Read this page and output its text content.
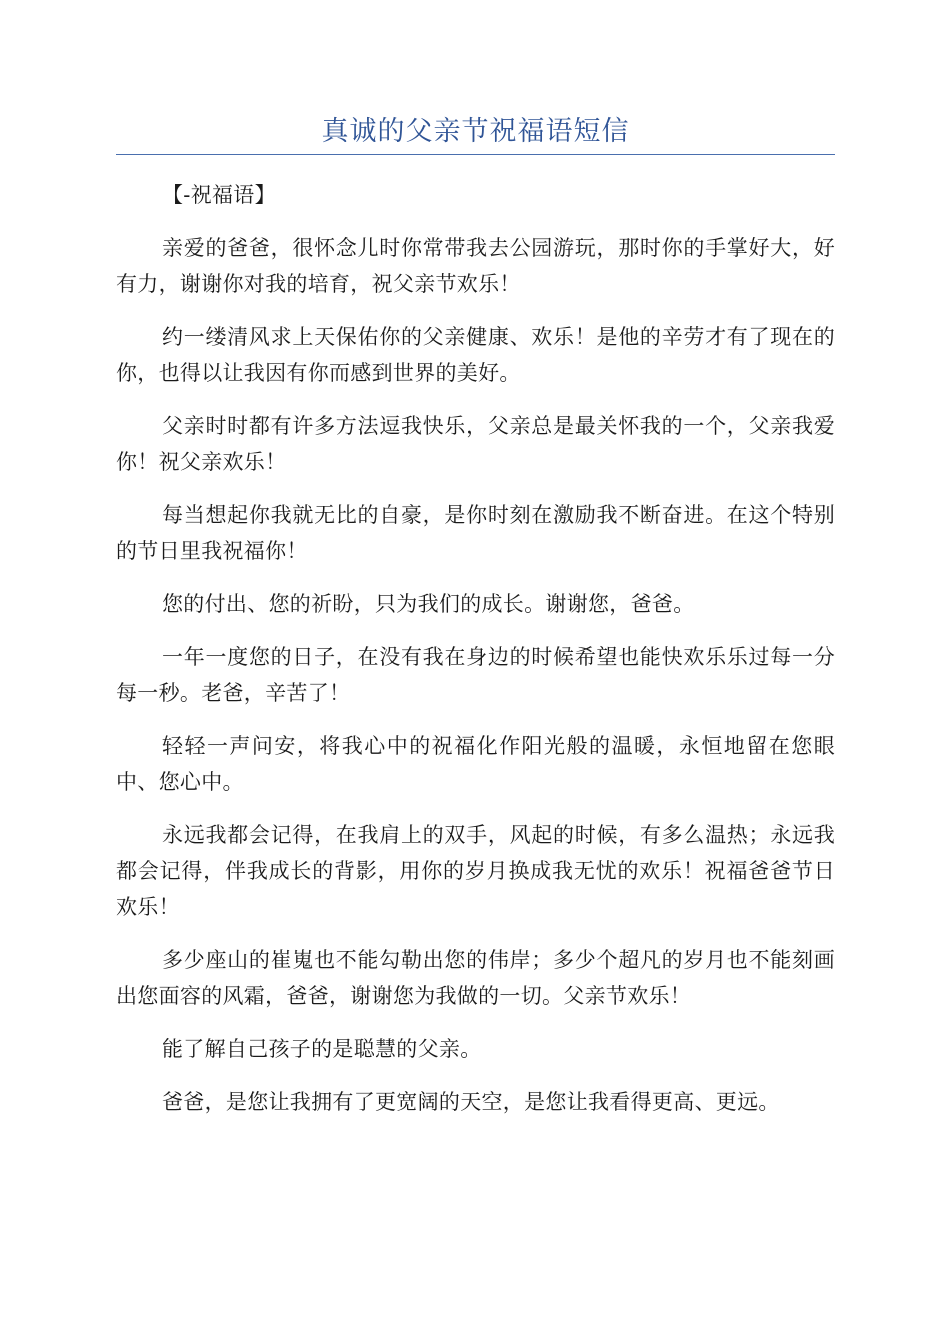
真诚的父亲节祝福语短信

【-祝福语】

亲爱的爸爸，很怀念儿时你常带我去公园游玩，那时你的手掌好大，好有力，谢谢你对我的培育，祝父亲节欢乐！

约一缕清风求上天保佑你的父亲健康、欢乐！是他的辛劳才有了现在的你，也得以让我因有你而感到世界的美好。

父亲时时都有许多方法逗我快乐，父亲总是最关怀我的一个，父亲我爱你！祝父亲欢乐！

每当想起你我就无比的自豪，是你时刻在激励我不断奋进。在这个特别的节日里我祝福你！

您的付出、您的祈盼，只为我们的成长。谢谢您，爸爸。

一年一度您的日子，在没有我在身边的时候希望也能快欢乐乐过每一分每一秒。老爸，辛苦了！

轻轻一声问安，将我心中的祝福化作阳光般的温暖，永恒地留在您眼中、您心中。

永远我都会记得，在我肩上的双手，风起的时候，有多么温热；永远我都会记得，伴我成长的背影，用你的岁月换成我无忧的欢乐！祝福爸爸节日欢乐！

多少座山的崔嵬也不能勾勒出您的伟岸；多少个超凡的岁月也不能刻画出您面容的风霜，爸爸，谢谢您为我做的一切。父亲节欢乐！

能了解自己孩子的是聪慧的父亲。

爸爸，是您让我拥有了更宽阔的天空，是您让我看得更高、更远。
